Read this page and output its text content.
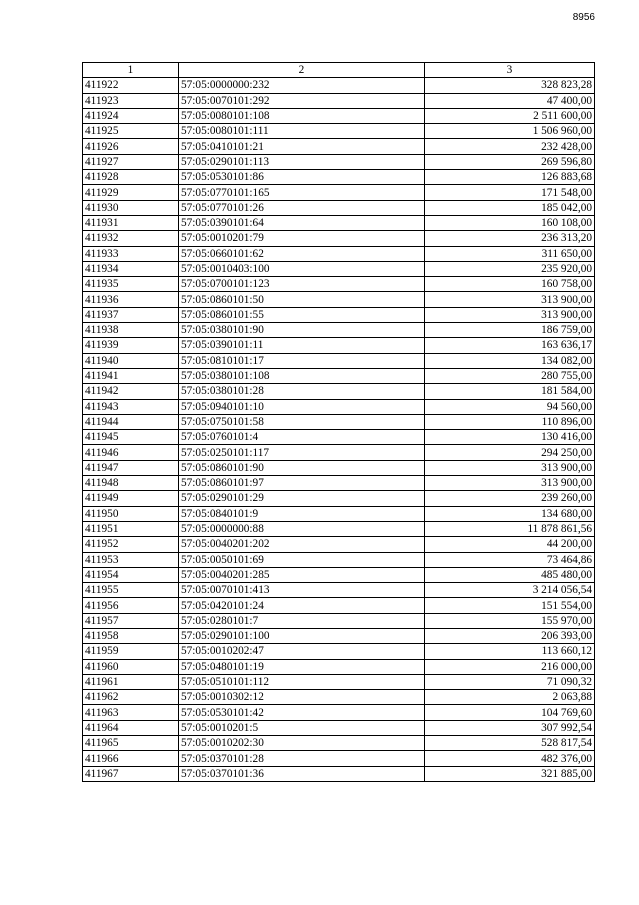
8956
1	2	3
411922	57:05:0000000:232	328 823,28
411923	57:05:0070101:292	47 400,00
411924	57:05:0080101:108	2 511 600,00
411925	57:05:0080101:111	1 506 960,00
411926	57:05:0410101:21	232 428,00
411927	57:05:0290101:113	269 596,80
411928	57:05:0530101:86	126 883,68
411929	57:05:0770101:165	171 548,00
411930	57:05:0770101:26	185 042,00
411931	57:05:0390101:64	160 108,00
411932	57:05:0010201:79	236 313,20
411933	57:05:0660101:62	311 650,00
411934	57:05:0010403:100	235 920,00
411935	57:05:0700101:123	160 758,00
411936	57:05:0860101:50	313 900,00
411937	57:05:0860101:55	313 900,00
411938	57:05:0380101:90	186 759,00
411939	57:05:0390101:11	163 636,17
411940	57:05:0810101:17	134 082,00
411941	57:05:0380101:108	280 755,00
411942	57:05:0380101:28	181 584,00
411943	57:05:0940101:10	94 560,00
411944	57:05:0750101:58	110 896,00
411945	57:05:0760101:4	130 416,00
411946	57:05:0250101:117	294 250,00
411947	57:05:0860101:90	313 900,00
411948	57:05:0860101:97	313 900,00
411949	57:05:0290101:29	239 260,00
411950	57:05:0840101:9	134 680,00
411951	57:05:0000000:88	11 878 861,56
411952	57:05:0040201:202	44 200,00
411953	57:05:0050101:69	73 464,86
411954	57:05:0040201:285	485 480,00
411955	57:05:0070101:413	3 214 056,54
411956	57:05:0420101:24	151 554,00
411957	57:05:0280101:7	155 970,00
411958	57:05:0290101:100	206 393,00
411959	57:05:0010202:47	113 660,12
411960	57:05:0480101:19	216 000,00
411961	57:05:0510101:112	71 090,32
411962	57:05:0010302:12	2 063,88
411963	57:05:0530101:42	104 769,60
411964	57:05:0010201:5	307 992,54
411965	57:05:0010202:30	528 817,54
411966	57:05:0370101:28	482 376,00
411967	57:05:0370101:36	321 885,00
